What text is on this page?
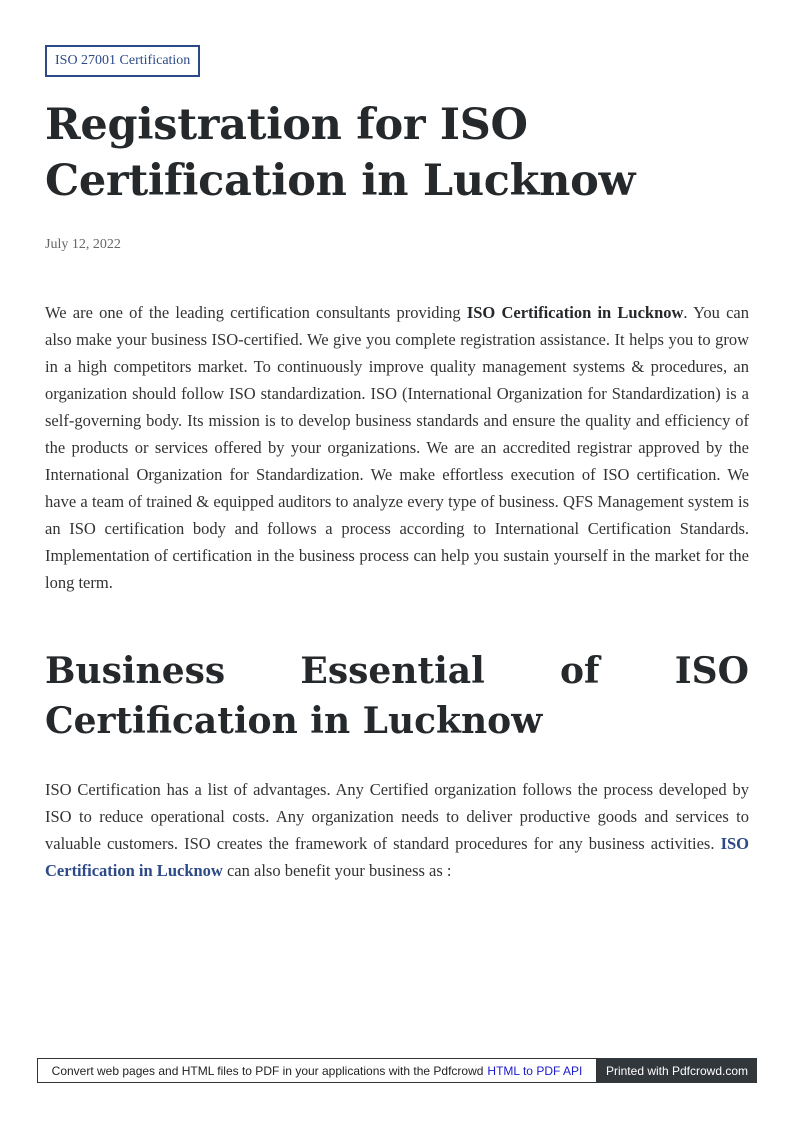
ISO 27001 Certification
Registration for ISO
Certification in Lucknow
July 12, 2022

We are one of the leading certification consultants providing ISO Certification in Lucknow. You can also make your business ISO-certified. We give you complete registration assistance. It helps you to grow in a high competitors market. To continuously improve quality management systems & procedures, an organization should follow ISO standardization. ISO (International Organization for Standardization) is a self-governing body. Its mission is to develop business standards and ensure the quality and efficiency of the products or services offered by your organizations. We are an accredited registrar approved by the International Organization for Standardization. We make effortless execution of ISO certification. We have a team of trained & equipped auditors to analyze every type of business. QFS Management system is an ISO certification body and follows a process according to International Certification Standards. Implementation of certification in the business process can help you sustain yourself in the market for the long term.

Business Essential of ISO
Certification in Lucknow

ISO Certification has a list of advantages. Any Certified organization follows the process developed by ISO to reduce operational costs. Any organization needs to deliver productive goods and services to valuable customers. ISO creates the framework of standard procedures for any business activities. ISO Certification in Lucknow can also benefit your business as :

Convert web pages and HTML files to PDF in your applications with the Pdfcrowd HTML to PDF API	Printed with Pdfcrowd.com
